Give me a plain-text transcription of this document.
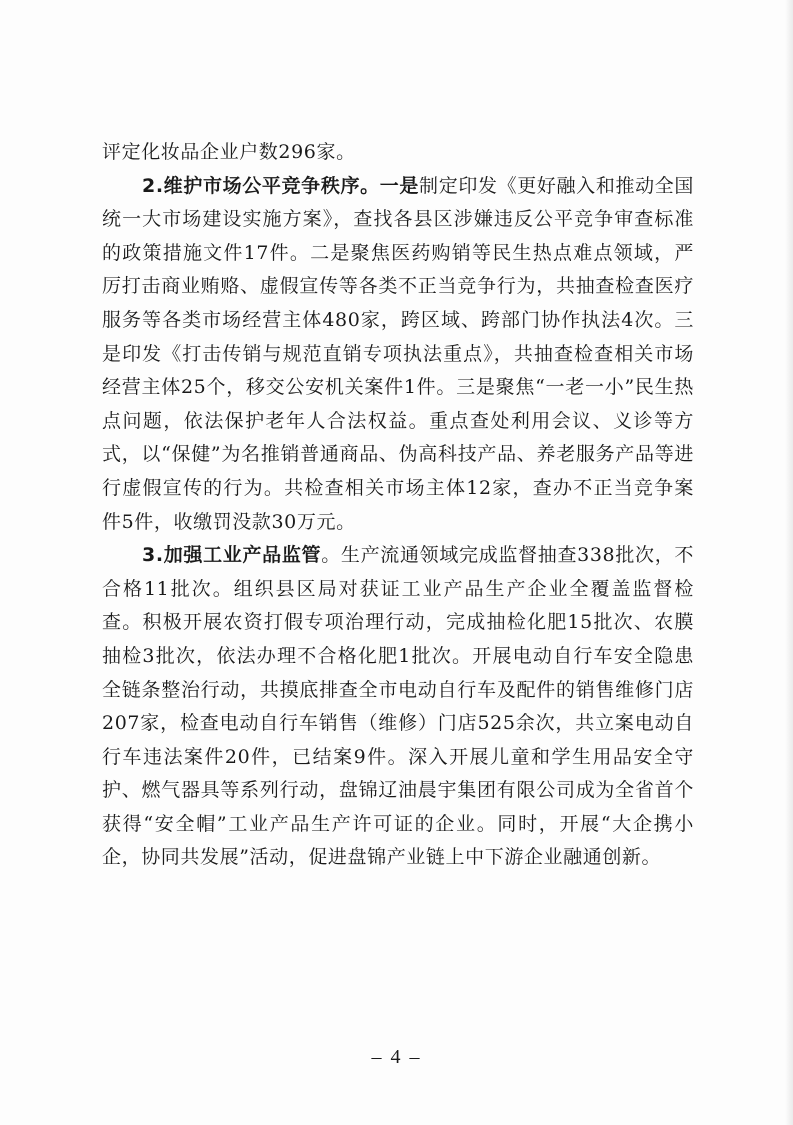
评定化妆品企业户数296家。

2.维护市场公平竞争秩序。一是制定印发《更好融入和推动全国统一大市场建设实施方案》，查找各县区涉嫌违反公平竞争审查标准的政策措施文件17件。二是聚焦医药购销等民生热点难点领域，严厉打击商业贿赂、虚假宣传等各类不正当竞争行为，共抽查检查医疗服务等各类市场经营主体480家，跨区域、跨部门协作执法4次。三是印发《打击传销与规范直销专项执法重点》，共抽查检查相关市场经营主体25个，移交公安机关案件1件。三是聚焦“一老一小”民生热点问题，依法保护老年人合法权益。重点查处利用会议、义诊等方式，以“保健”为名推销普通商品、伪高科技产品、养老服务产品等进行虚假宣传的行为。共检查相关市场主体12家，查办不正当竞争案件5件，收缴罚没款30万元。

3.加强工业产品监管。生产流通领域完成监督抽查338批次，不合格11批次。组织县区局对获证工业产品生产企业全覆盖监督检查。积极开展农资打假专项治理行动，完成抽检化肥15批次、农膜抽检3批次，依法办理不合格化肥1批次。开展电动自行车安全隐患全链条整治行动，共摸底排查全市电动自行车及配件的销售维修门店207家，检查电动自行车销售（维修）门店525余次，共立案电动自行车违法案件20件，已结案9件。深入开展儿童和学生用品安全守护、燃气器具等系列行动，盘锦辽油晨宇集团有限公司成为全省首个获得“安全帽”工业产品生产许可证的企业。同时，开展“大企携小企，协同共发展”活动，促进盘锦产业链上中下游企业融通创新。

– 4 –
